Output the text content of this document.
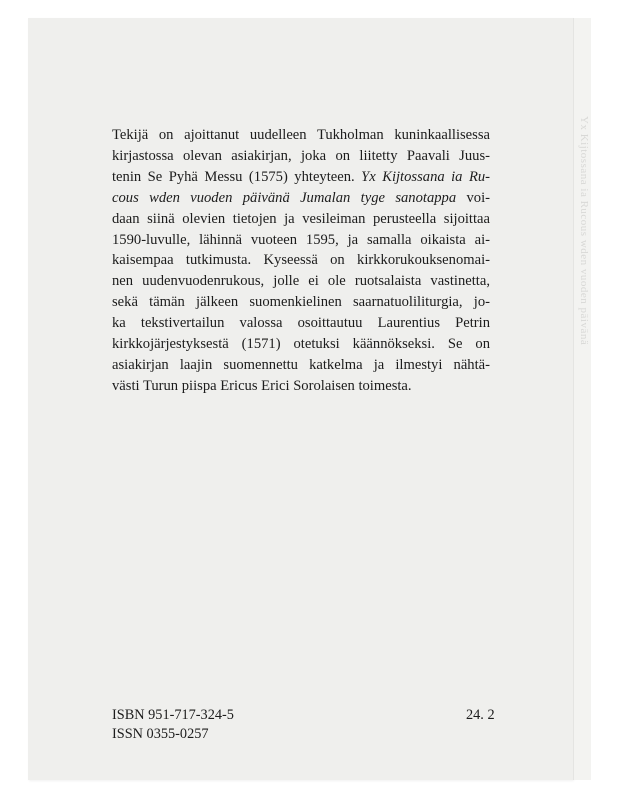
Yx Kijtossana ia Rucous wden vuoden päivänä
Tekijä on ajoittanut uudelleen Tukholman kuninkaallisessa
kirjastossa olevan asiakirjan, joka on liitetty Paavali Juus-
tenin Se Pyhä Messu (1575) yhteyteen. Yx Kijtossana ia Ru-
cous wden vuoden päivänä Jumalan tyge sanotappa voi-
daan siinä olevien tietojen ja vesileiman perusteella sijoittaa
1590-luvulle, lähinnä vuoteen 1595, ja samalla oikaista ai-
kaisempaa tutkimusta. Kyseessä on kirkkorukouksenomai-
nen uudenvuodenrukous, jolle ei ole ruotsalaista vastinetta,
sekä tämän jälkeen suomenkielinen saarnatuoliliturgia, jo-
ka tekstivertailun valossa osoittautuu Laurentius Petrin
kirkkojärjestyksestä (1571) otetuksi käännökseksi. Se on
asiakirjan laajin suomennettu katkelma ja ilmestyi nähtä-
västi Turun piispa Ericus Erici Sorolaisen toimesta.
ISBN 951-717-324-5
ISSN 0355-0257
24. 2
